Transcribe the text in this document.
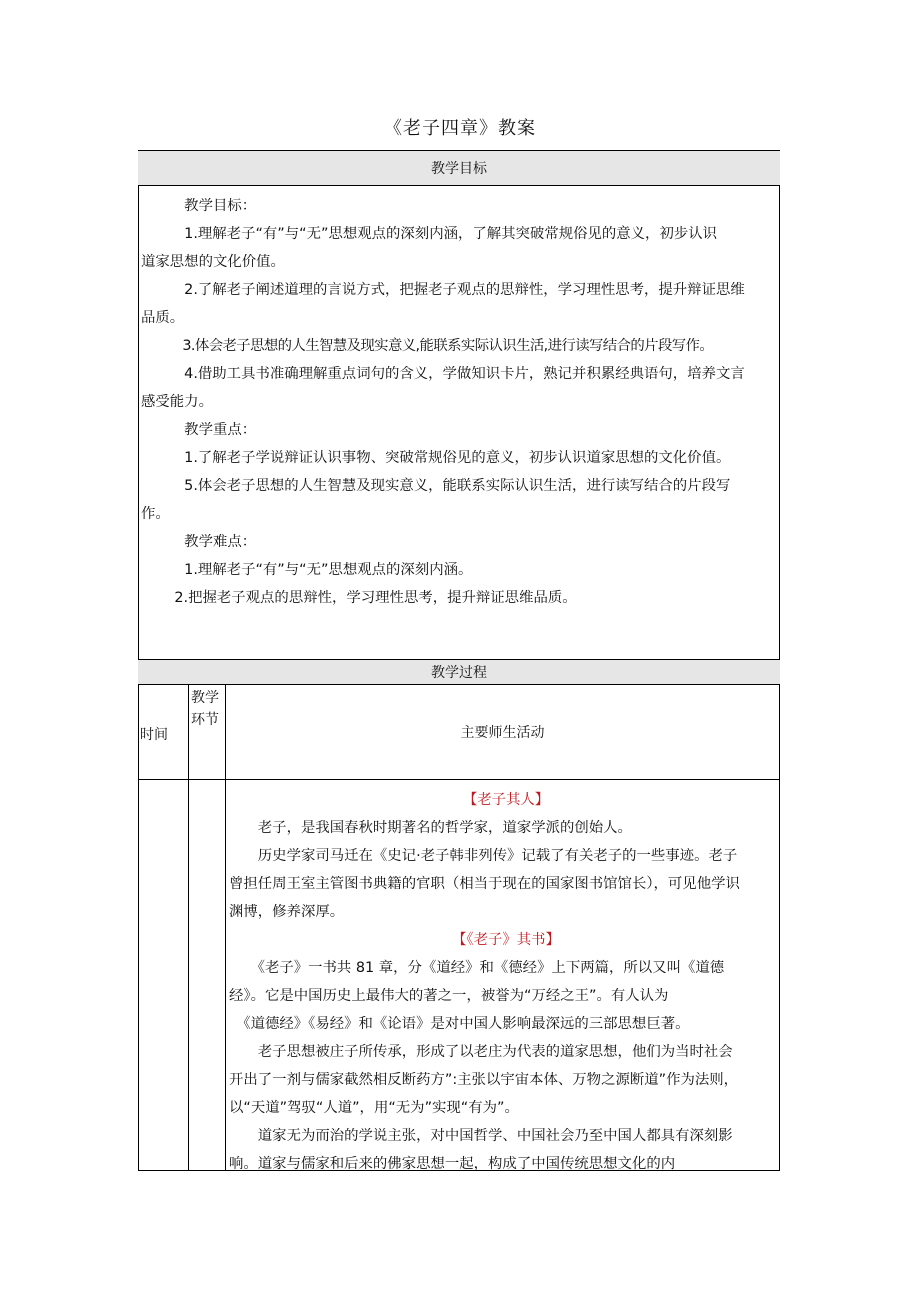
《老子四章》教案
教学目标

　　　教学目标：

　　　1.理解老子“有”与“无”思想观点的深刻内涵，了解其突破常规俗见的意义，初步认识

道家思想的文化价值。

　　　2.了解老子阐述道理的言说方式，把握老子观点的思辩性，学习理性思考，提升辩证思维

品质。

　　　3.体会老子思想的人生智慧及现实意义,能联系实际认识生活,进行读写结合的片段写作。

　　　4.借助工具书准确理解重点词句的含义，学做知识卡片，熟记并积累经典语句，培养文言

感受能力。

　　　教学重点：

　　　1.了解老子学说辩证认识事物、突破常规俗见的意义，初步认识道家思想的文化价值。

　　　5.体会老子思想的人生智慧及现实意义，能联系实际认识生活，进行读写结合的片段写

作。

　　　教学难点：

　　　1.理解老子“有”与“无”思想观点的深刻内涵。

　　 2.把握老子观点的思辩性，学习理性思考，提升辩证思维品质。

教学过程
时间
教学
环节
主要师生活动

【老子其人】

　　老子，是我国春秋时期著名的哲学家，道家学派的创始人。

　　历史学家司马迁在《史记·老子韩非列传》记载了有关老子的一些事迹。老子

曾担任周王室主管图书典籍的官职（相当于现在的国家图书馆馆长），可见他学识

渊博，修养深厚。

【《老子》其书】

　　《老子》一书共 81 章，分《道经》和《德经》上下两篇，所以又叫《道德

经》。它是中国历史上最伟大的著之一，被誉为“万经之王”。有人认为

　《道德经》《易经》和《论语》是对中国人影响最深远的三部思想巨著。

　　老子思想被庄子所传承，形成了以老庄为代表的道家思想，他们为当时社会

开出了一剂与儒家截然相反断药方”:主张以宇宙本体、万物之源断道”作为法则，

以“天道”驾驭“人道”，用“无为”实现“有为”。

　　道家无为而治的学说主张，对中国哲学、中国社会乃至中国人都具有深刻影

响。道家与儒家和后来的佛家思想一起，构成了中国传统思想文化的内
